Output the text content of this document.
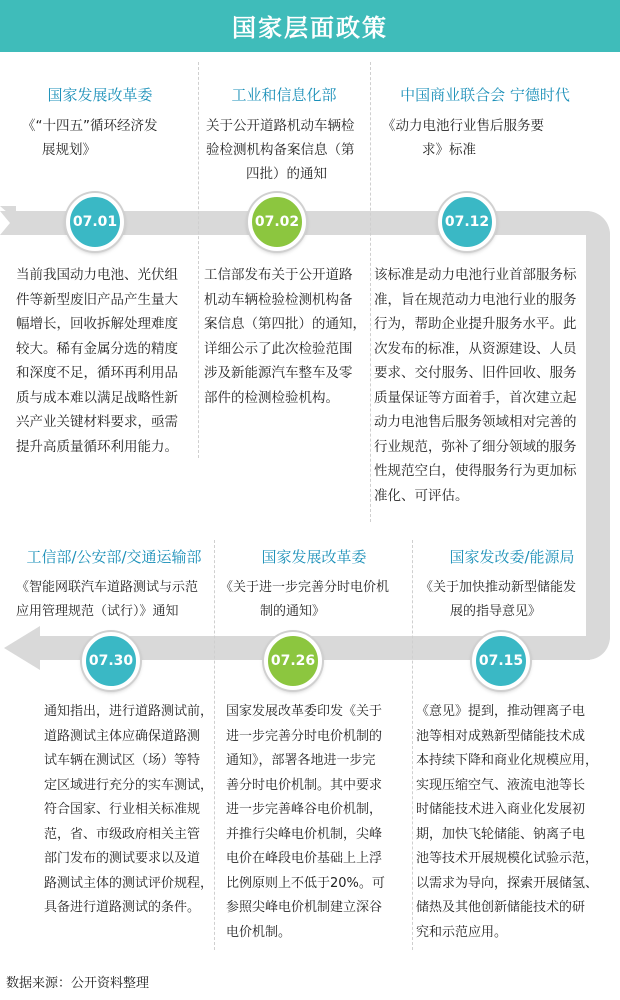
国家层面政策
国家发展改革委
《“十四五”循环经济发
展规划》
07.01
当前我国动力电池、光伏组
件等新型废旧产品产生量大
幅增长，回收拆解处理难度
较大。稀有金属分选的精度
和深度不足，循环再利用品
质与成本难以满足战略性新
兴产业关键材料要求，亟需
提升高质量循环利用能力。
工业和信息化部
关于公开道路机动车辆检
验检测机构备案信息（第
四批）的通知
07.02
工信部发布关于公开道路
机动车辆检验检测机构备
案信息（第四批）的通知，
详细公示了此次检验范围
涉及新能源汽车整车及零
部件的检测检验机构。
中国商业联合会 宁德时代
《动力电池行业售后服务要
求》标准
07.12
该标准是动力电池行业首部服务标
准，旨在规范动力电池行业的服务
行为，帮助企业提升服务水平。此
次发布的标准，从资源建设、人员
要求、交付服务、旧件回收、服务
质量保证等方面着手，首次建立起
动力电池售后服务领域相对完善的
行业规范，弥补了细分领域的服务
性规范空白，使得服务行为更加标
准化、可评估。
工信部/公安部/交通运输部
《智能网联汽车道路测试与示范
应用管理规范（试行）》通知
07.30
通知指出，进行道路测试前，
道路测试主体应确保道路测
试车辆在测试区（场）等特
定区域进行充分的实车测试，
符合国家、行业相关标准规
范，省、市级政府相关主管
部门发布的测试要求以及道
路测试主体的测试评价规程，
具备进行道路测试的条件。
国家发展改革委
《关于进一步完善分时电价机
制的通知》
07.26
国家发展改革委印发《关于
进一步完善分时电价机制的
通知》，部署各地进一步完
善分时电价机制。其中要求
进一步完善峰谷电价机制，
并推行尖峰电价机制，尖峰
电价在峰段电价基础上上浮
比例原则上不低于20%。可
参照尖峰电价机制建立深谷
电价机制。
国家发改委/能源局
《关于加快推动新型储能发
展的指导意见》
07.15
《意见》提到，推动锂离子电
池等相对成熟新型储能技术成
本持续下降和商业化规模应用，
实现压缩空气、液流电池等长
时储能技术进入商业化发展初
期，加快飞轮储能、钠离子电
池等技术开展规模化试验示范，
以需求为导向，探索开展储氢、
储热及其他创新储能技术的研
究和示范应用。
数据来源：公开资料整理
